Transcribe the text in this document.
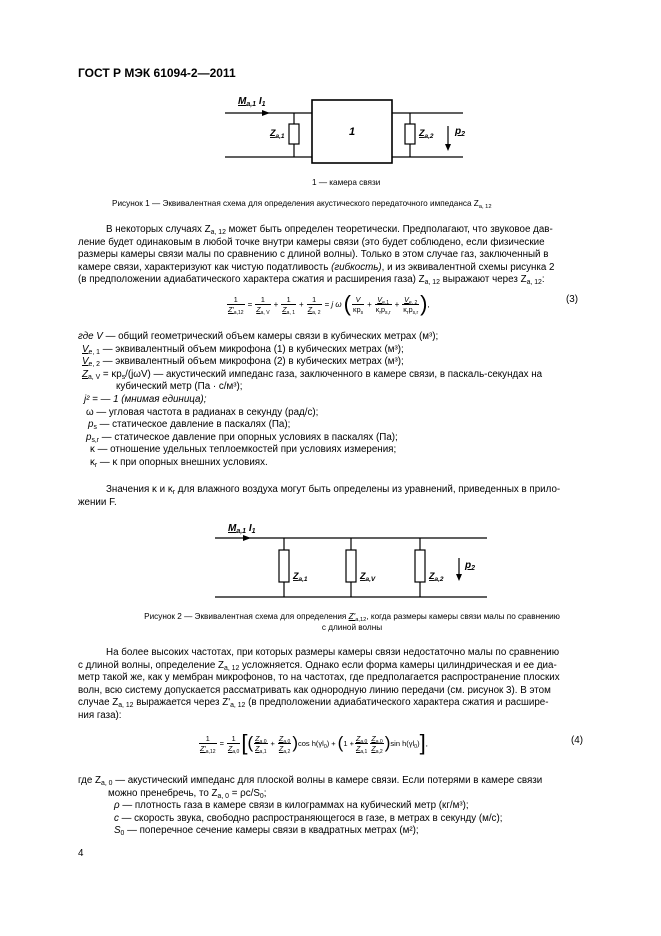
ГОСТ Р МЭК 61094-2—2011
$M_{a,1}$ $I_1$
$Z_{a,1}$	$Z_{a,2}$
1	$p_2$
1 — камера связи
Рисунок 1 — Эквивалентная схема для определения акустического передаточного импеданса $Z_{a, 12}$
В некоторых случаях $Z_{a, 12}$ может быть определен теоретически. Предполагают, что звуковое дав-
ление будет одинаковым в любой точке внутри камеры связи (это будет соблюдено, если физические
размеры камеры связи малы по сравнению с длиной волны). Только в этом случае газ, заключенный в
камере связи, характеризуют как чистую податливость (гибкость), и из эквивалентной схемы рисунка 2
(в предположении адиабатического характера сжатия и расширения газа) $Z_{a, 12}$ выражают через $Z_{a, 12}$:
$\frac{1}{Z'_{a,12}} = \frac{1}{Z_{a, V}} + \frac{1}{Z_{a, 1}} + \frac{1}{Z_{a, 2}} = j$ ω ( $\frac{V}{\kappa p_s} + \frac{V_{e,1}}{\kappa_rp_{s,r}} + \frac{V_{e, 2}}{\kappa_rp_{s,r}}$ ) ,	(3)
где V — общий геометрический объем камеры связи в кубических метрах (м³);
$V_{e, 1}$ — эквивалентный объем микрофона (1) в кубических метрах (м³);
$V_{e, 2}$ — эквивалентный объем микрофона (2) в кубических метрах (м³);
$Z_{a, V} = \kappa p_s/(j\omega V)$ — акустический импеданс газа, заключенного в камере связи, в паскаль-секундах на
кубический метр (Па · с/м³);
j² = — 1 (мнимая единица);
ω — угловая частота в радианах в секунду (рад/с);
$p_s$ — статическое давление в паскалях (Па);
$p_{s,r}$ — статическое давление при опорных условиях в паскалях (Па);
κ — отношение удельных теплоемкостей при условиях измерения;
$\kappa_r$ — κ при опорных внешних условиях.
Значения κ и $\kappa_r$ для влажного воздуха могут быть определены из уравнений, приведенных в прило-
жении F.
$M_{a,1}$ $I_1$
$Z_{a,1}$	$Z_{a,V}$	$Z_{a,2}$
$p_2$
Рисунок 2 — Эквивалентная схема для определения $Z'_{a,12}$, когда размеры камеры связи малы по сравнению
с длиной волны
На более высоких частотах, при которых размеры камеры связи недостаточно малы по сравнению
с длиной волны, определение $Z_{a, 12}$ усложняется. Однако если форма камеры цилиндрическая и ее диа-
метр такой же, как у мембран микрофонов, то на частотах, где предполагается распространение плоских
волн, всю систему допускается рассматривать как однородную линию передачи (см. рисунок 3). В этом
случае $Z_{a, 12}$ выражается через $Z'_{a, 12}$ (в предположении адиабатического характера сжатия и расшире-
ния газа):
$\frac{1}{Z'_{a,12}} = \frac{1}{Z_{a,0}}$ [ ( $\frac{Z_{a,0}}{Z_{a,1}} + \frac{Z_{a,0}}{Z_{a,2}}$ ) $\cos h(\gamma l_0)$ + ( $1 + \frac{Z_{a,0}}{Z_{a,1}} \frac{Z_{a,0}}{Z_{a,2}}$ ) $\sin h(\gamma l_0)$ ] ,	(4)
где $Z_{a, 0}$ — акустический импеданс для плоской волны в камере связи. Если потерями в камере связи
можно пренебречь, то $Z_{a, 0} = \rho c/S_0$;
ρ — плотность газа в камере связи в килограммах на кубический метр (кг/м³);
c — скорость звука, свободно распространяющегося в газе, в метрах в секунду (м/с);
$S_0$ — поперечное сечение камеры связи в квадратных метрах (м²);
4
